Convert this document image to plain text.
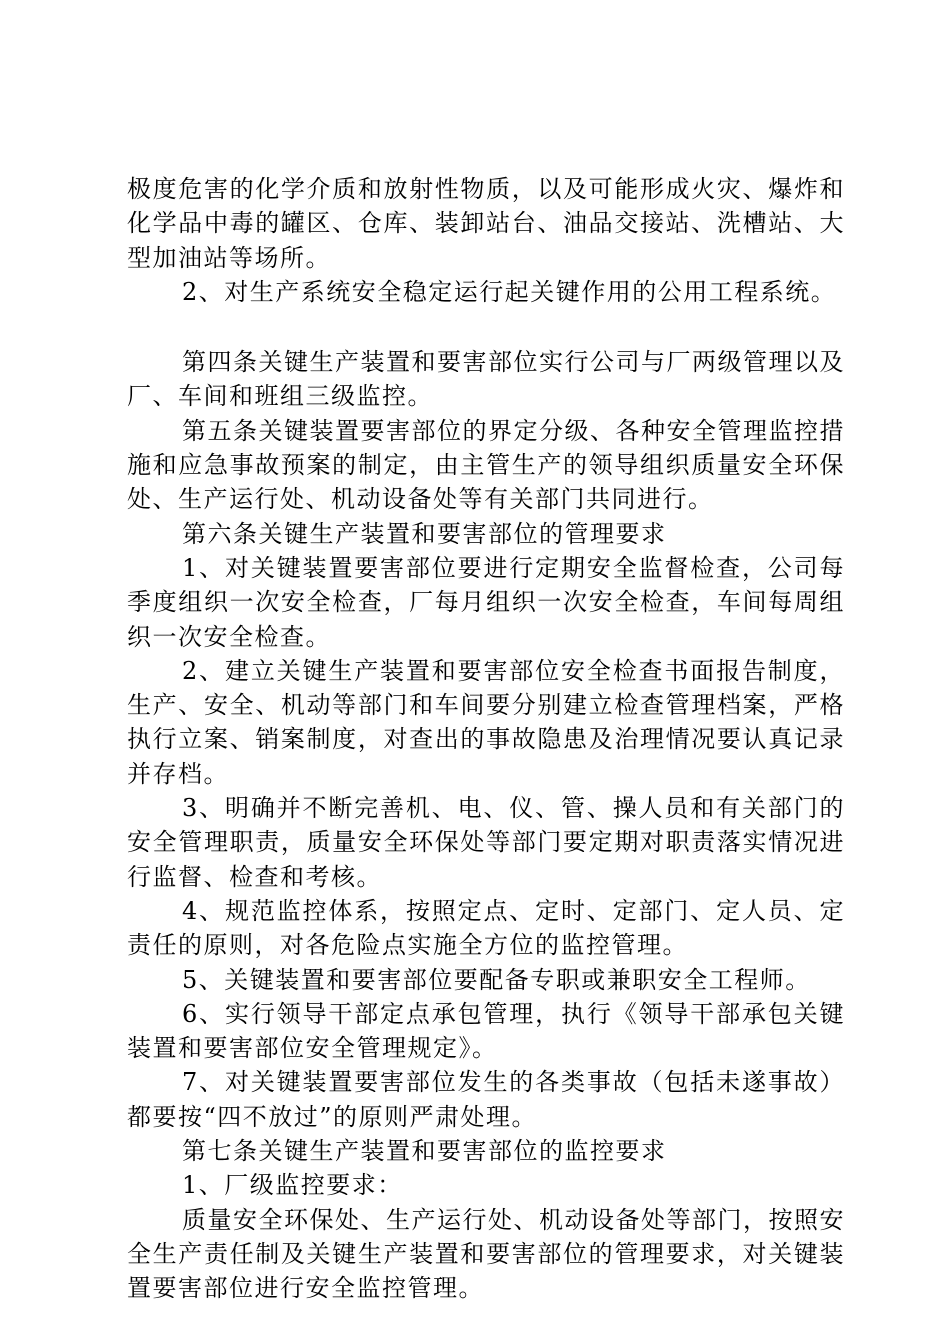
极度危害的化学介质和放射性物质，以及可能形成火灾、爆炸和化学品中毒的罐区、仓库、装卸站台、油品交接站、洗槽站、大型加油站等场所。

2、对生产系统安全稳定运行起关键作用的公用工程系统。

第四条关键生产装置和要害部位实行公司与厂两级管理以及厂、车间和班组三级监控。

第五条关键装置要害部位的界定分级、各种安全管理监控措施和应急事故预案的制定，由主管生产的领导组织质量安全环保处、生产运行处、机动设备处等有关部门共同进行。

第六条关键生产装置和要害部位的管理要求

1、对关键装置要害部位要进行定期安全监督检查，公司每季度组织一次安全检查，厂每月组织一次安全检查，车间每周组织一次安全检查。

2、建立关键生产装置和要害部位安全检查书面报告制度，生产、安全、机动等部门和车间要分别建立检查管理档案，严格执行立案、销案制度，对查出的事故隐患及治理情况要认真记录并存档。

3、明确并不断完善机、电、仪、管、操人员和有关部门的安全管理职责，质量安全环保处等部门要定期对职责落实情况进行监督、检查和考核。

4、规范监控体系，按照定点、定时、定部门、定人员、定责任的原则，对各危险点实施全方位的监控管理。

5、关键装置和要害部位要配备专职或兼职安全工程师。

6、实行领导干部定点承包管理，执行《领导干部承包关键装置和要害部位安全管理规定》。

7、对关键装置要害部位发生的各类事故（包括未遂事故）都要按“四不放过”的原则严肃处理。

第七条关键生产装置和要害部位的监控要求

1、厂级监控要求：

质量安全环保处、生产运行处、机动设备处等部门，按照安全生产责任制及关键生产装置和要害部位的管理要求，对关键装置要害部位进行安全监控管理。
